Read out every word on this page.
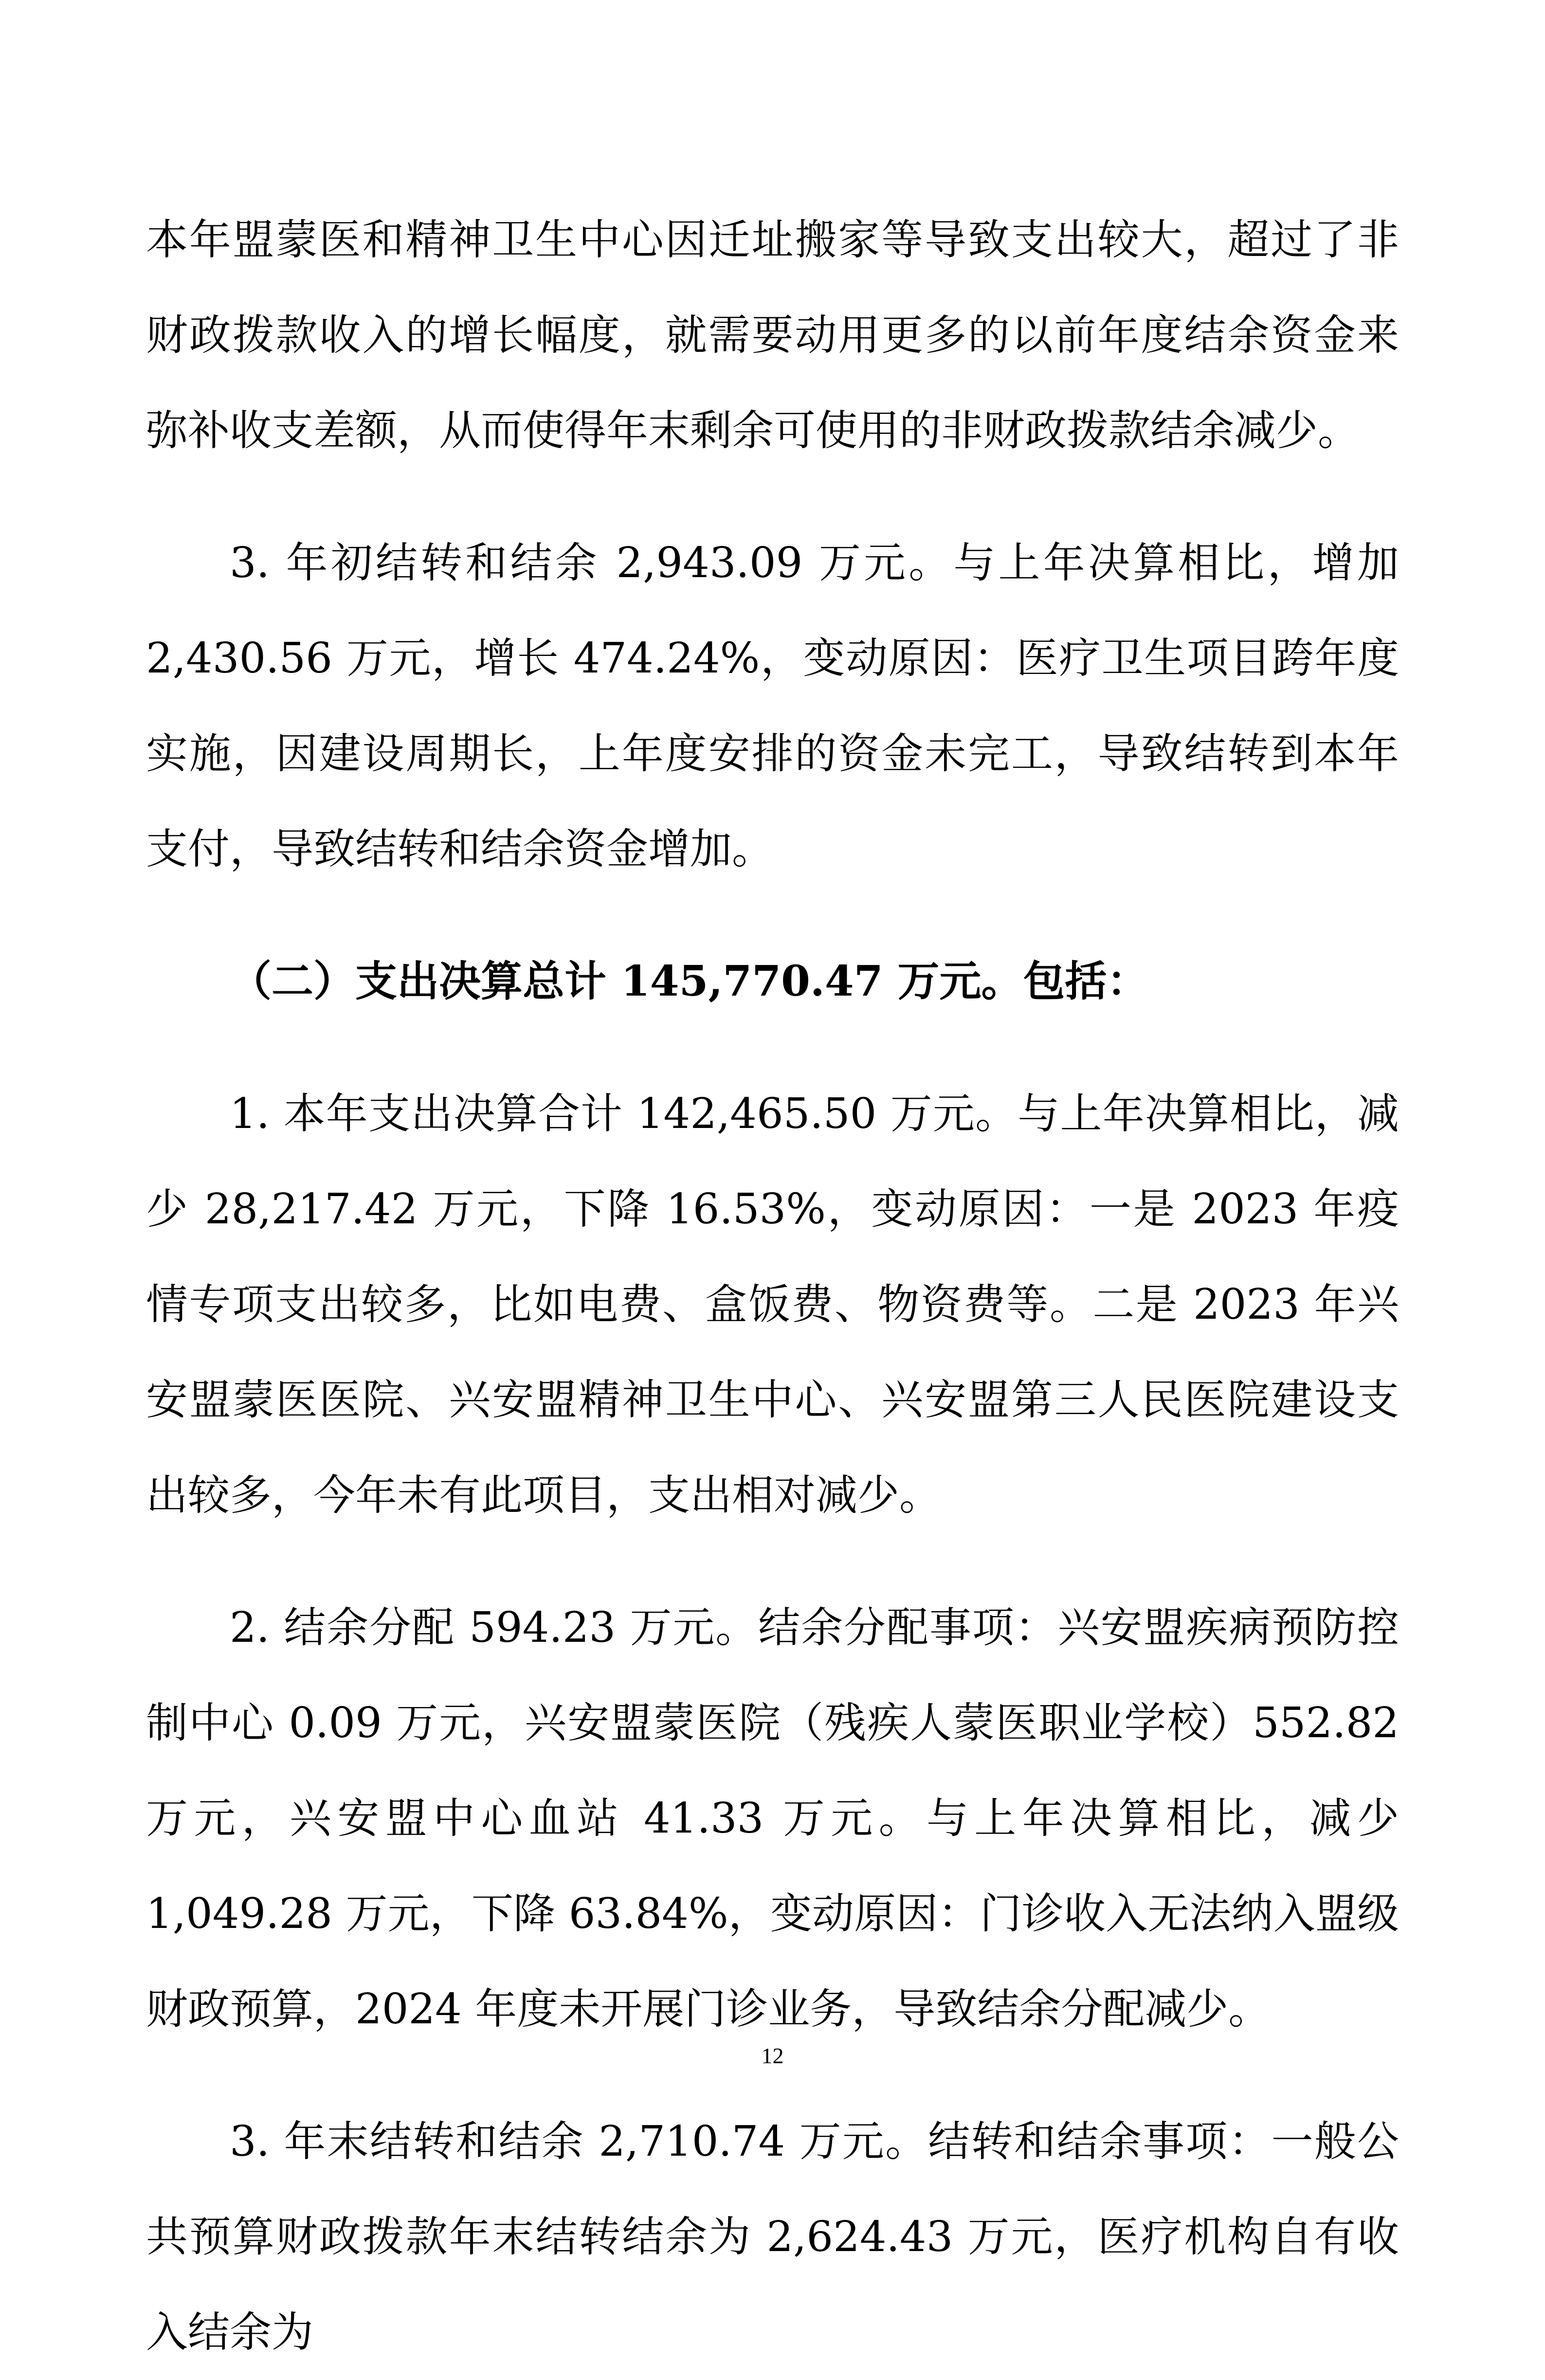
本年盟蒙医和精神卫生中心因迁址搬家等导致支出较大，超过了非财政拨款收入的增长幅度，就需要动用更多的以前年度结余资金来弥补收支差额，从而使得年末剩余可使用的非财政拨款结余减少。

3. 年初结转和结余 2,943.09 万元。与上年决算相比，增加 2,430.56 万元，增长 474.24%，变动原因：医疗卫生项目跨年度实施，因建设周期长，上年度安排的资金未完工，导致结转到本年支付，导致结转和结余资金增加。

（二）支出决算总计 145,770.47 万元。包括：

1. 本年支出决算合计 142,465.50 万元。与上年决算相比，减少 28,217.42 万元，下降 16.53%，变动原因：一是 2023 年疫情专项支出较多，比如电费、盒饭费、物资费等。二是 2023 年兴安盟蒙医医院、兴安盟精神卫生中心、兴安盟第三人民医院建设支出较多，今年未有此项目，支出相对减少。

2. 结余分配 594.23 万元。结余分配事项：兴安盟疾病预防控制中心 0.09 万元，兴安盟蒙医院（残疾人蒙医职业学校）552.82 万元，兴安盟中心血站 41.33 万元。与上年决算相比，减少 1,049.28 万元，下降 63.84%，变动原因：门诊收入无法纳入盟级财政预算，2024 年度未开展门诊业务，导致结余分配减少。

3. 年末结转和结余 2,710.74 万元。结转和结余事项：一般公共预算财政拨款年末结转结余为 2,624.43 万元，医疗机构自有收入结余为

12
